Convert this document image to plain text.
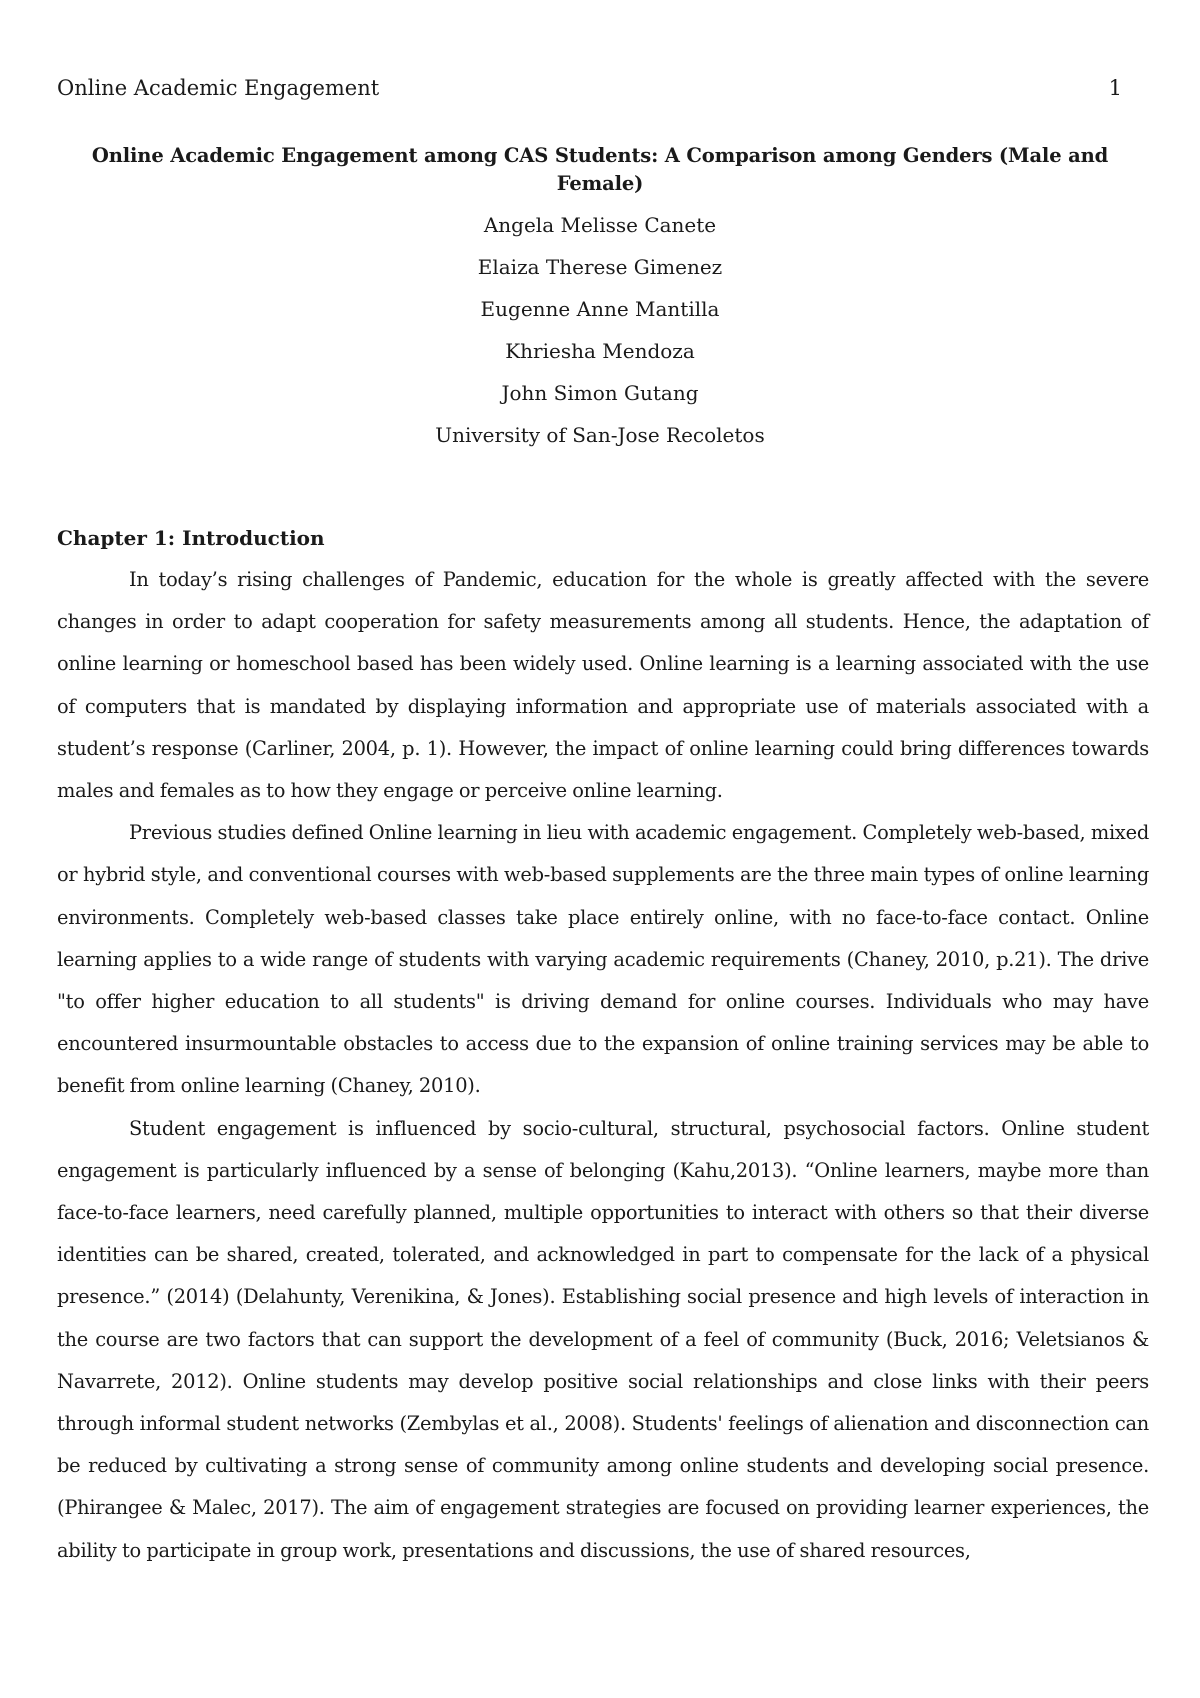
Online Academic Engagement	1

Online Academic Engagement among CAS Students: A Comparison among Genders (Male and Female)

Angela Melisse Canete
Elaiza Therese Gimenez
Eugenne Anne Mantilla
Khriesha Mendoza
John Simon Gutang

University of San-Jose Recoletos

Chapter 1: Introduction

In today’s rising challenges of Pandemic, education for the whole is greatly affected with the severe changes in order to adapt cooperation for safety measurements among all students. Hence, the adaptation of online learning or homeschool based has been widely used. Online learning is a learning associated with the use of computers that is mandated by displaying information and appropriate use of materials associated with a student’s response (Carliner, 2004, p. 1). However, the impact of online learning could bring differences towards males and females as to how they engage or perceive online learning.

Previous studies defined Online learning in lieu with academic engagement. Completely web-based, mixed or hybrid style, and conventional courses with web-based supplements are the three main types of online learning environments. Completely web-based classes take place entirely online, with no face-to-face contact. Online learning applies to a wide range of students with varying academic requirements (Chaney, 2010, p.21). The drive "to offer higher education to all students" is driving demand for online courses. Individuals who may have encountered insurmountable obstacles to access due to the expansion of online training services may be able to benefit from online learning (Chaney, 2010).

Student engagement is influenced by socio-cultural, structural, psychosocial factors. Online student engagement is particularly influenced by a sense of belonging (Kahu,2013). “Online learners, maybe more than face-to-face learners, need carefully planned, multiple opportunities to interact with others so that their diverse identities can be shared, created, tolerated, and acknowledged in part to compensate for the lack of a physical presence.” (2014) (Delahunty, Verenikina, & Jones). Establishing social presence and high levels of interaction in the course are two factors that can support the development of a feel of community (Buck, 2016; Veletsianos & Navarrete, 2012). Online students may develop positive social relationships and close links with their peers through informal student networks (Zembylas et al., 2008). Students' feelings of alienation and disconnection can be reduced by cultivating a strong sense of community among online students and developing social presence. (Phirangee & Malec, 2017). The aim of engagement strategies are focused on providing learner experiences, the ability to participate in group work, presentations and discussions, the use of shared resources,
